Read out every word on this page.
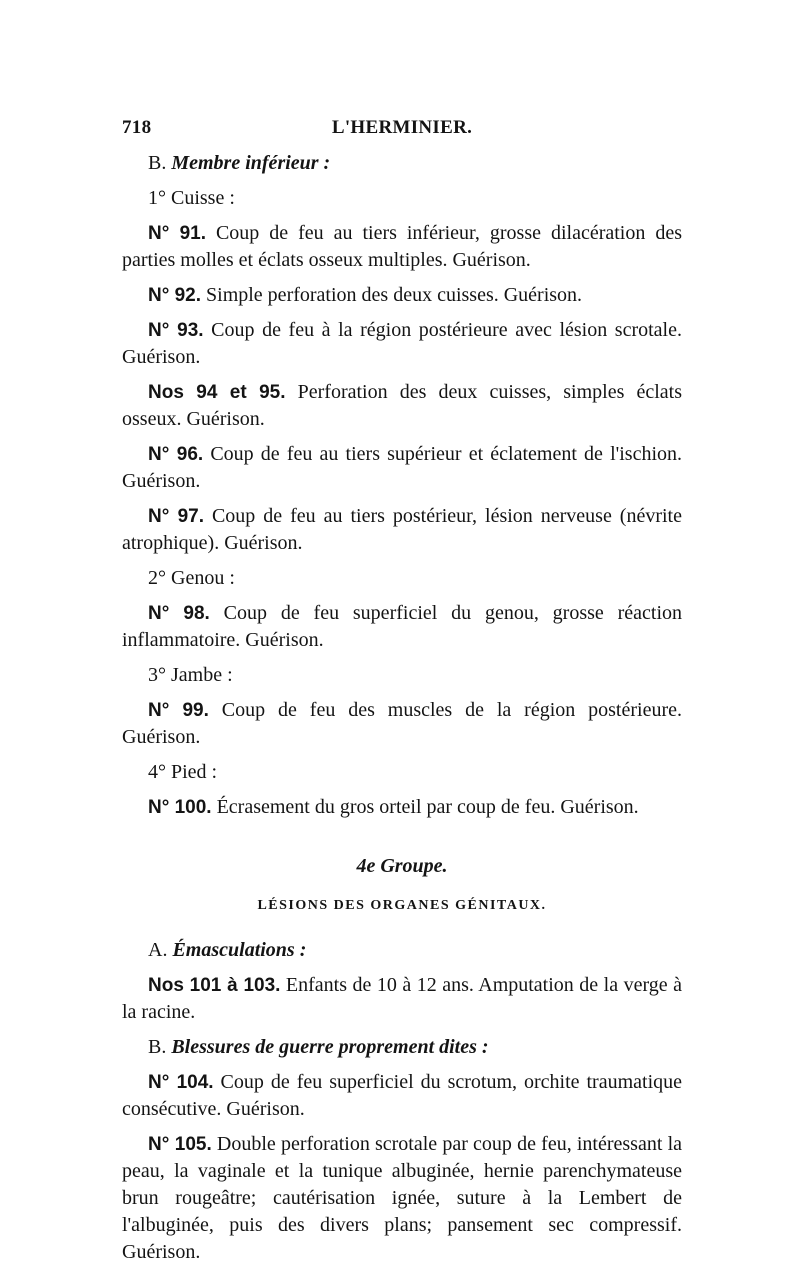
718	L'HERMINIER.

B. Membre inférieur :

1° Cuisse :

N° 91. Coup de feu au tiers inférieur, grosse dilacération des parties molles et éclats osseux multiples. Guérison.

N° 92. Simple perforation des deux cuisses. Guérison.

N° 93. Coup de feu à la région postérieure avec lésion scrotale. Guérison.

Nos 94 et 95. Perforation des deux cuisses, simples éclats osseux. Guérison.

N° 96. Coup de feu au tiers supérieur et éclatement de l'ischion. Guérison.

N° 97. Coup de feu au tiers postérieur, lésion nerveuse (névrite atrophique). Guérison.

2° Genou :

N° 98. Coup de feu superficiel du genou, grosse réaction inflammatoire. Guérison.

3° Jambe :

N° 99. Coup de feu des muscles de la région postérieure. Guérison.

4° Pied :

N° 100. Écrasement du gros orteil par coup de feu. Guérison.

4e Groupe.
LÉSIONS DES ORGANES GÉNITAUX.

A. Émasculations :

Nos 101 à 103. Enfants de 10 à 12 ans. Amputation de la verge à la racine.

B. Blessures de guerre proprement dites :

N° 104. Coup de feu superficiel du scrotum, orchite traumatique consécutive. Guérison.

N° 105. Double perforation scrotale par coup de feu, intéressant la peau, la vaginale et la tunique albuginée, hernie parenchymateuse brun rougeâtre; cautérisation ignée, suture à la Lembert de l'albuginée, puis des divers plans; pansement sec compressif. Guérison.
